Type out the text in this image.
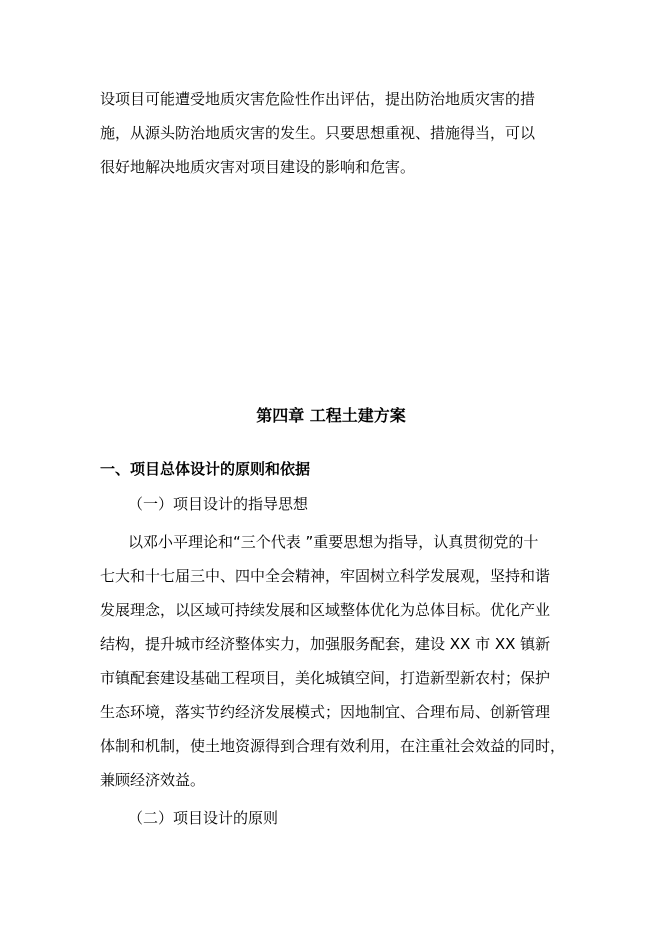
设项目可能遭受地质灾害危险性作出评估，提出防治地质灾害的措
施，从源头防治地质灾害的发生。只要思想重视、措施得当，可以
很好地解决地质灾害对项目建设的影响和危害。
第四章 工程土建方案
一、项目总体设计的原则和依据
（一）项目设计的指导思想
以邓小平理论和“三个代表 ”重要思想为指导，认真贯彻党的十
七大和十七届三中、四中全会精神，牢固树立科学发展观，坚持和谐
发展理念，以区域可持续发展和区域整体优化为总体目标。优化产业
结构，提升城市经济整体实力，加强服务配套，建设 XX 市 XX 镇新
市镇配套建设基础工程项目，美化城镇空间，打造新型新农村；保护
生态环境，落实节约经济发展模式；因地制宜、合理布局、创新管理
体制和机制，使土地资源得到合理有效利用，在注重社会效益的同时，
兼顾经济效益。
（二）项目设计的原则
